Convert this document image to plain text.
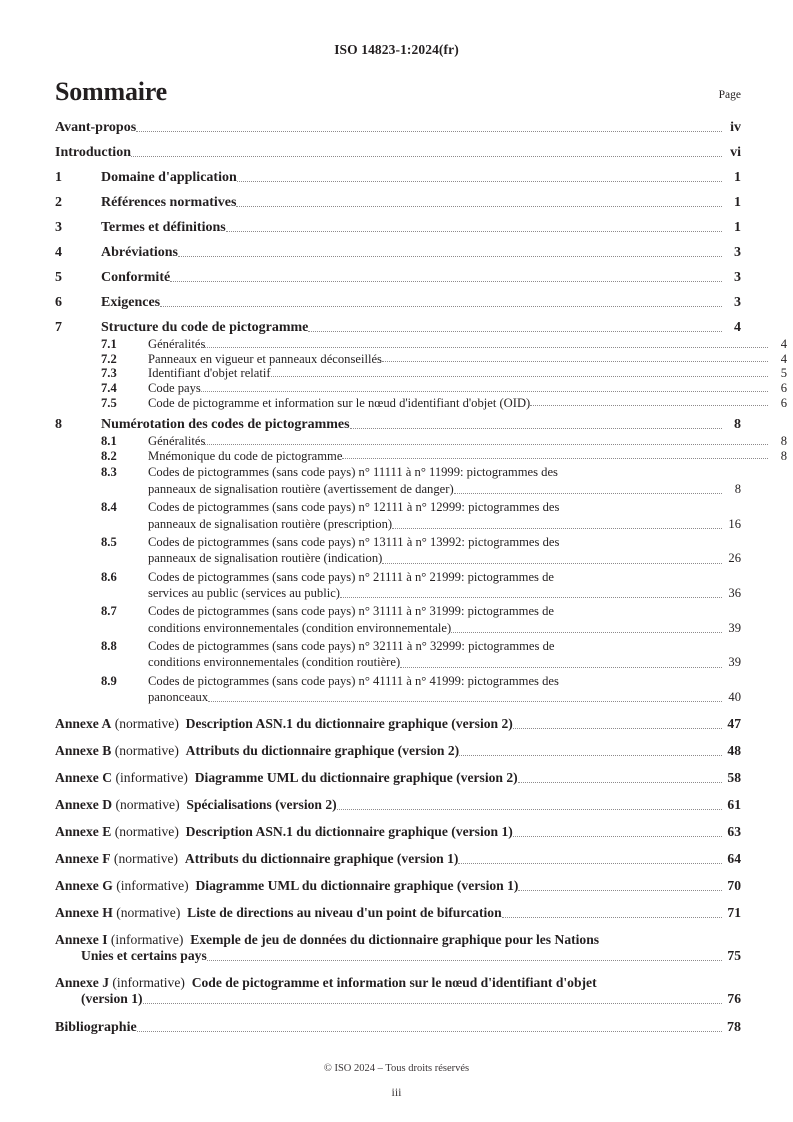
ISO 14823-1:2024(fr)
Sommaire	Page
Avant-propos	iv
Introduction	vi
1	Domaine d'application	1
2	Références normatives	1
3	Termes et définitions	1
4	Abréviations	3
5	Conformité	3
6	Exigences	3
7	Structure du code de pictogramme	4
7.1	Généralités	4
7.2	Panneaux en vigueur et panneaux déconseillés	4
7.3	Identifiant d'objet relatif	5
7.4	Code pays	6
7.5	Code de pictogramme et information sur le nœud d'identifiant d'objet (OID)	6
8	Numérotation des codes de pictogrammes	8
8.1	Généralités	8
8.2	Mnémonique du code de pictogramme	8
8.3	Codes de pictogrammes (sans code pays) n° 11111 à n° 11999: pictogrammes des
panneaux de signalisation routière (avertissement de danger)	8
8.4	Codes de pictogrammes (sans code pays) n° 12111 à n° 12999: pictogrammes des
panneaux de signalisation routière (prescription)	16
8.5	Codes de pictogrammes (sans code pays) n° 13111 à n° 13992: pictogrammes des
panneaux de signalisation routière (indication)	26
8.6	Codes de pictogrammes (sans code pays) n° 21111 à n° 21999: pictogrammes de
services au public (services au public)	36
8.7	Codes de pictogrammes (sans code pays) n° 31111 à n° 31999: pictogrammes de
conditions environnementales (condition environnementale)	39
8.8	Codes de pictogrammes (sans code pays) n° 32111 à n° 32999: pictogrammes de
conditions environnementales (condition routière)	39
8.9	Codes de pictogrammes (sans code pays) n° 41111 à n° 41999: pictogrammes des
panonceaux	40
Annexe A (normative) Description ASN.1 du dictionnaire graphique (version 2)	47
Annexe B (normative) Attributs du dictionnaire graphique (version 2)	48
Annexe C (informative) Diagramme UML du dictionnaire graphique (version 2)	58
Annexe D (normative) Spécialisations (version 2)	61
Annexe E (normative) Description ASN.1 du dictionnaire graphique (version 1)	63
Annexe F (normative) Attributs du dictionnaire graphique (version 1)	64
Annexe G (informative) Diagramme UML du dictionnaire graphique (version 1)	70
Annexe H (normative) Liste de directions au niveau d'un point de bifurcation	71
Annexe I (informative) Exemple de jeu de données du dictionnaire graphique pour les Nations
Unies et certains pays	75
Annexe J (informative) Code de pictogramme et information sur le nœud d'identifiant d'objet
(version 1)	76
Bibliographie	78
© ISO 2024 – Tous droits réservés
iii
